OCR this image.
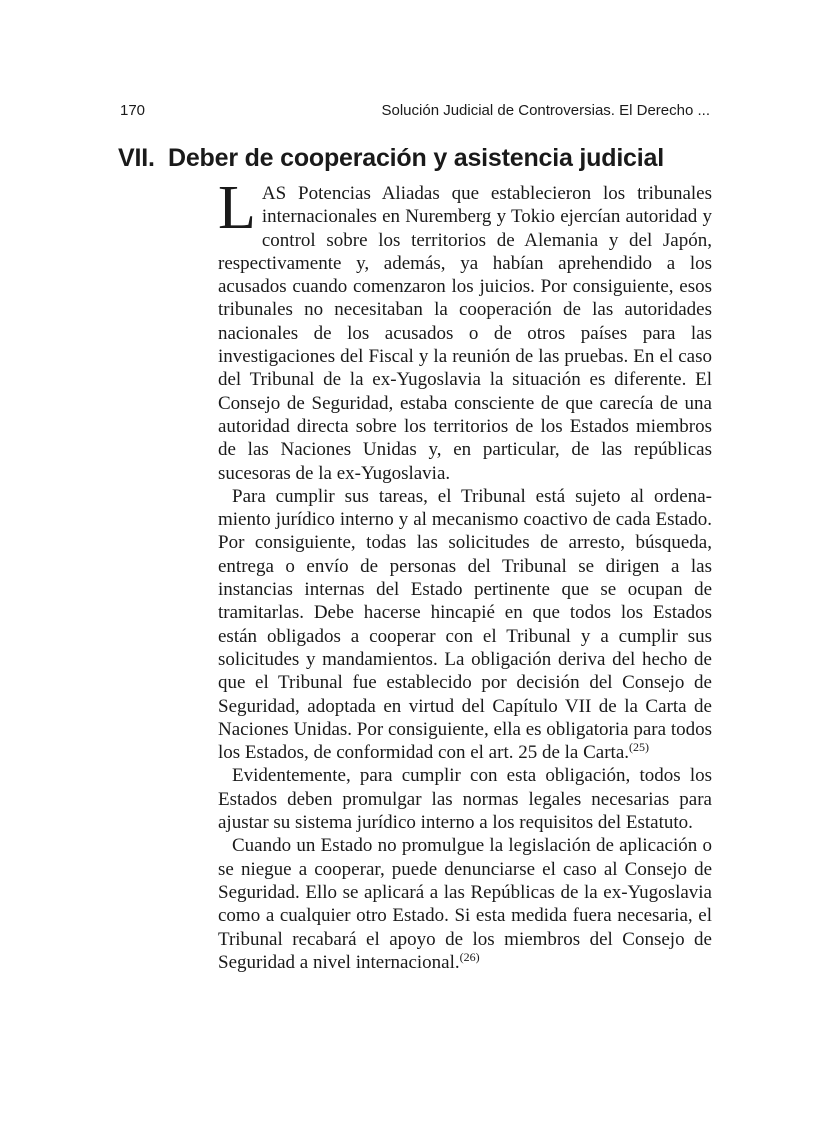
170	Solución Judicial de Controversias. El Derecho ...
VII. Deber de cooperación y asistencia judicial

LAS Potencias Aliadas que establecieron los tribunales internacionales en Nuremberg y Tokio ejercían autoridad y control sobre los territorios de Alemania y del Japón, respectivamente y, además, ya habían aprehendido a los acusados cuando comenzaron los juicios. Por consiguiente, esos tribunales no necesitaban la cooperación de las autoridades nacionales de los acusados o de otros países para las investigaciones del Fiscal y la reunión de las pruebas. En el caso del Tribunal de la ex-Yugoslavia la situación es diferente. El Consejo de Seguridad, estaba consciente de que carecía de una autoridad directa sobre los territorios de los Estados miembros de las Naciones Unidas y, en particular, de las repúblicas sucesoras de la ex-Yugoslavia.

Para cumplir sus tareas, el Tribunal está sujeto al ordenamiento jurídico interno y al mecanismo coactivo de cada Estado. Por consiguiente, todas las solicitudes de arresto, búsqueda, entrega o envío de personas del Tribunal se dirigen a las instancias internas del Estado pertinente que se ocupan de tramitarlas. Debe hacerse hincapié en que todos los Estados están obligados a cooperar con el Tribunal y a cumplir sus solicitudes y mandamientos. La obligación deriva del hecho de que el Tribunal fue establecido por decisión del Consejo de Seguridad, adoptada en virtud del Capítulo VII de la Carta de Naciones Unidas. Por consiguiente, ella es obligatoria para todos los Estados, de conformidad con el art. 25 de la Carta.$^{(25)}$

Evidentemente, para cumplir con esta obligación, todos los Estados deben promulgar las normas legales necesarias para ajustar su sistema jurídico interno a los requisitos del Estatuto.

Cuando un Estado no promulgue la legislación de aplicación o se niegue a cooperar, puede denunciarse el caso al Consejo de Seguridad. Ello se aplicará a las Repúblicas de la ex-Yugoslavia como a cualquier otro Estado. Si esta medida fuera necesaria, el Tribunal recabará el apoyo de los miembros del Consejo de Seguridad a nivel internacional.$^{(26)}$
